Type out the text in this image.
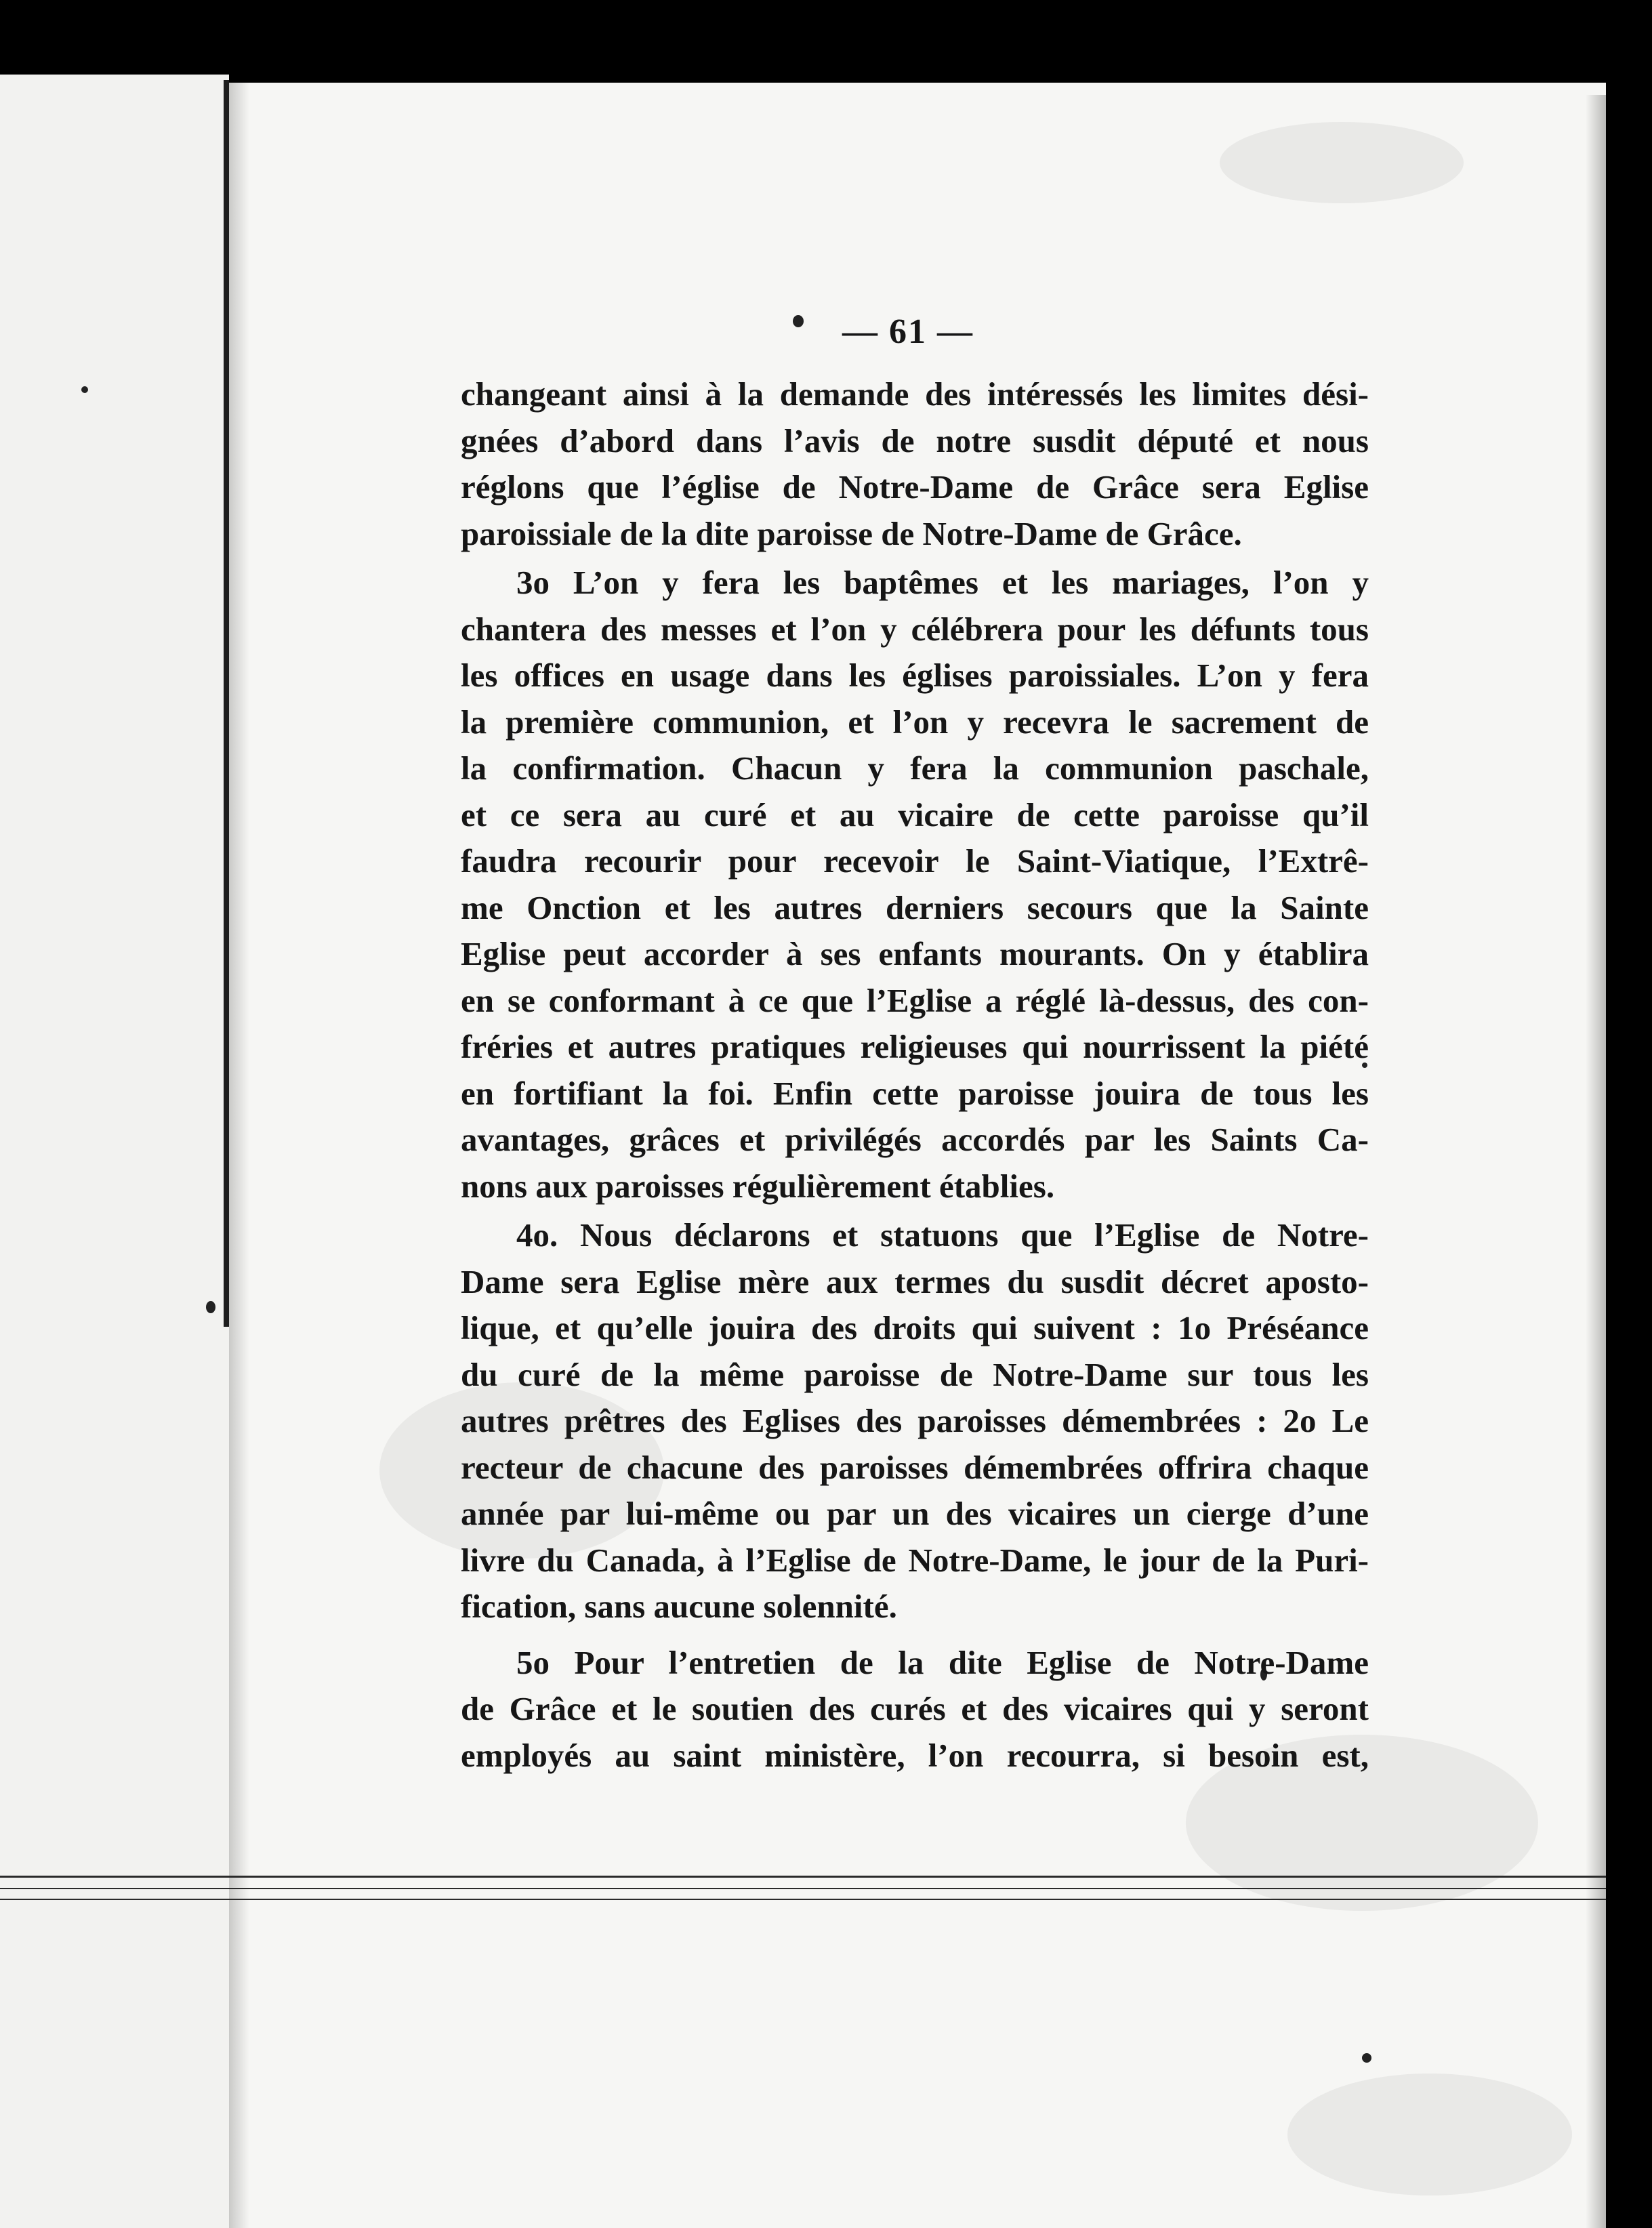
— 61 —

changeant ainsi à la demande des intéressés les limites dési-
gnées d’abord dans l’avis de notre susdit député et nous
réglons que l’église de Notre-Dame de Grâce sera Eglise
paroissiale de la dite paroisse de Notre-Dame de Grâce.
3o L’on y fera les baptêmes et les mariages, l’on y
chantera des messes et l’on y célébrera pour les défunts tous
les offices en usage dans les églises paroissiales. L’on y fera
la première communion, et l’on y recevra le sacrement de
la confirmation. Chacun y fera la communion paschale,
et ce sera au curé et au vicaire de cette paroisse qu’il
faudra recourir pour recevoir le Saint-Viatique, l’Extrê-
me Onction et les autres derniers secours que la Sainte
Eglise peut accorder à ses enfants mourants. On y établira
en se conformant à ce que l’Eglise a réglé là-dessus, des con-
fréries et autres pratiques religieuses qui nourrissent la piété
en fortifiant la foi. Enfin cette paroisse jouira de tous les
avantages, grâces et privilégés accordés par les Saints Ca-
nons aux paroisses régulièrement établies.
4o. Nous déclarons et statuons que l’Eglise de Notre-
Dame sera Eglise mère aux termes du susdit décret aposto-
lique, et qu’elle jouira des droits qui suivent : 1o Préséance
du curé de la même paroisse de Notre-Dame sur tous les
autres prêtres des Eglises des paroisses démembrées : 2o Le
recteur de chacune des paroisses démembrées offrira chaque
année par lui-même ou par un des vicaires un cierge d’une
livre du Canada, à l’Eglise de Notre-Dame, le jour de la Puri-
fication, sans aucune solennité.
5o Pour l’entretien de la dite Eglise de Notre-Dame
de Grâce et le soutien des curés et des vicaires qui y seront
employés au saint ministère, l’on recourra, si besoin est,
